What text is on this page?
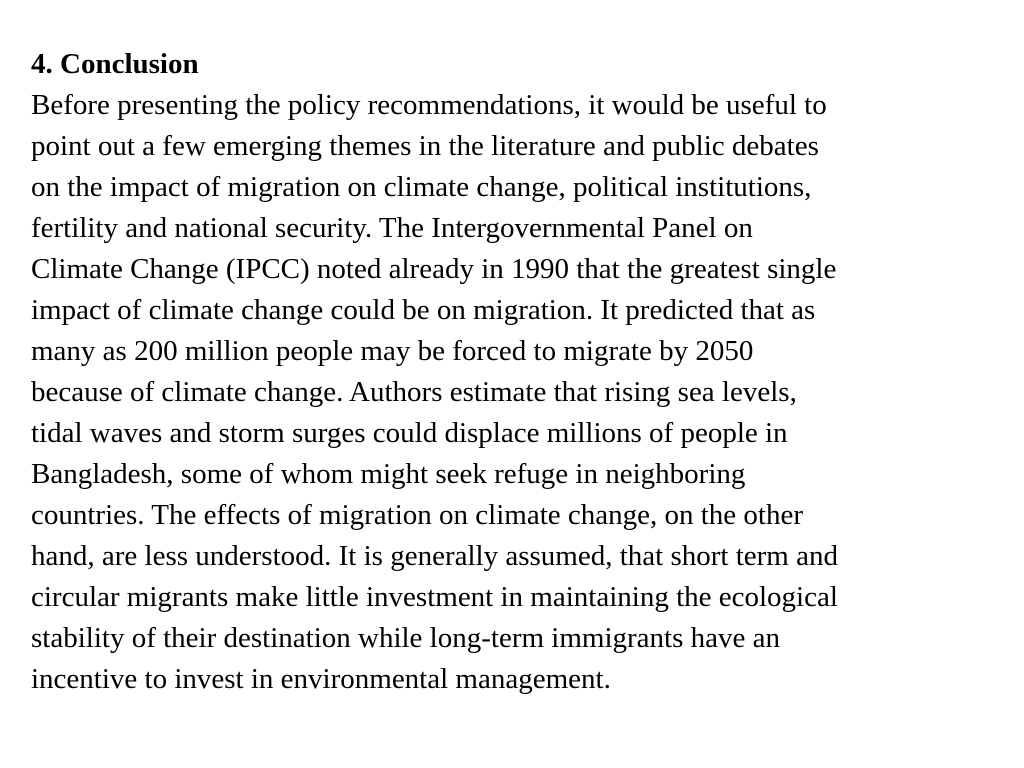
4. Conclusion
Before presenting the policy recommendations, it would be useful to
point out a few emerging themes in the literature and public debates
on the impact of migration on climate change, political institutions,
fertility and national security. The Intergovernmental Panel on
Climate Change (IPCC) noted already in 1990 that the greatest single
impact of climate change could be on migration. It predicted that as
many as 200 million people may be forced to migrate by 2050
because of climate change. Authors estimate that rising sea levels,
tidal waves and storm surges could displace millions of people in
Bangladesh, some of whom might seek refuge in neighboring
countries. The effects of migration on climate change, on the other
hand, are less understood. It is generally assumed, that short term and
circular migrants make little investment in maintaining the ecological
stability of their destination while long-term immigrants have an
incentive to invest in environmental management.
